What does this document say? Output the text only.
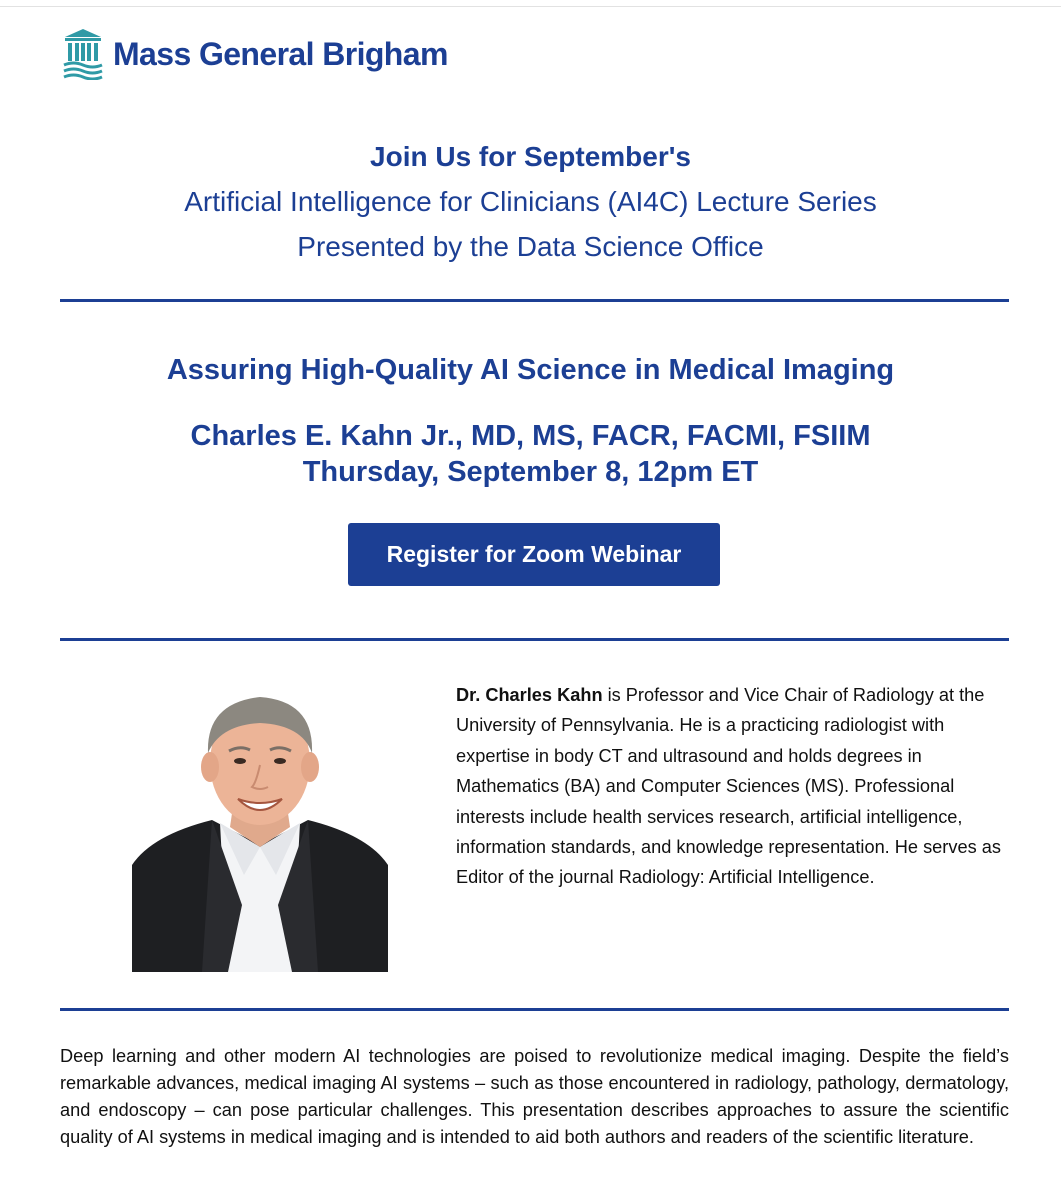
Mass General Brigham
Join Us for September's
Artificial Intelligence for Clinicians (AI4C) Lecture Series
Presented by the Data Science Office
Assuring High-Quality AI Science in Medical Imaging
Charles E. Kahn Jr., MD, MS, FACR, FACMI, FSIIM
Thursday, September 8, 12pm ET
Register for Zoom Webinar
Dr. Charles Kahn is Professor and Vice Chair of Radiology at the University of Pennsylvania. He is a practicing radiologist with expertise in body CT and ultrasound and holds degrees in Mathematics (BA) and Computer Sciences (MS). Professional interests include health services research, artificial intelligence, information standards, and knowledge representation. He serves as Editor of the journal Radiology: Artificial Intelligence.
Deep learning and other modern AI technologies are poised to revolutionize medical imaging. Despite the field’s remarkable advances, medical imaging AI systems – such as those encountered in radiology, pathology, dermatology, and endoscopy – can pose particular challenges. This presentation describes approaches to assure the scientific quality of AI systems in medical imaging and is intended to aid both authors and readers of the scientific literature.
